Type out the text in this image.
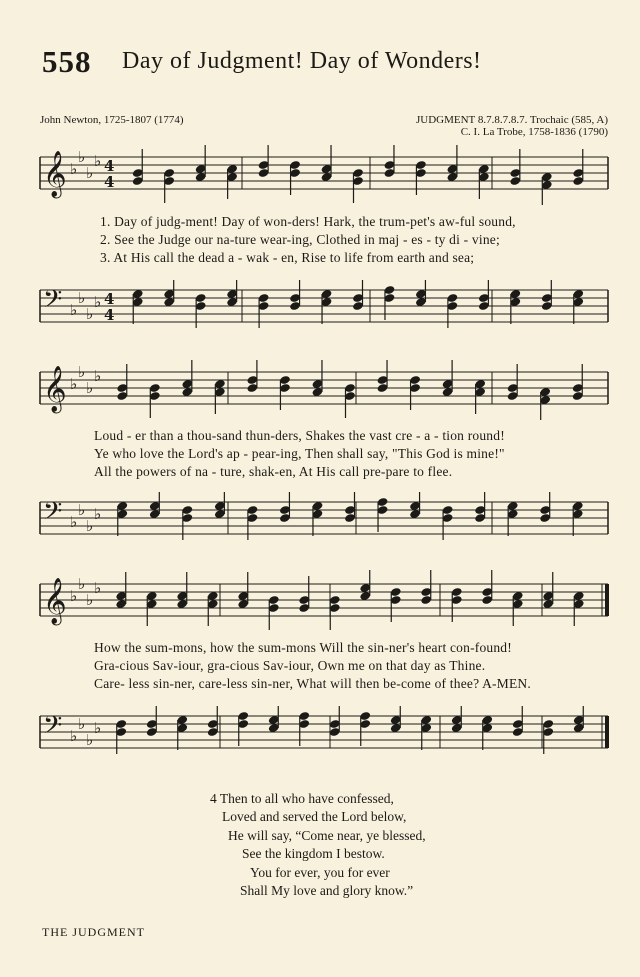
558 Day of Judgment! Day of Wonders!
John Newton, 1725-1807 (1774)	JUDGMENT 8.7.8.7.8.7. Trochaic (585, A)
C. I. La Trobe, 1758-1836 (1790)
𝄞 ♭
♭
♭
♭ 4
4
1. Day of judg-ment! Day of won-ders! Hark, the trum-pet's aw-ful sound,
2. See the Judge our na-ture wear-ing, Clothed in maj - es - ty di - vine;
3. At His call the dead a - wak - en, Rise to life from earth and sea;
𝄢 ♭
♭
♭
♭ 4
4
𝄞 ♭
♭
♭
♭
Loud - er than a thou-sand thun-ders, Shakes the vast cre - a - tion round!
Ye who love the Lord's ap - pear-ing, Then shall say, "This God is mine!"
All the powers of na - ture, shak-en, At His call pre-pare to flee.
𝄢 ♭
♭
♭
♭
𝄞 ♭
♭
♭
♭
How the sum-mons, how the sum-mons Will the sin-ner's heart con-found!
Gra-cious Sav-iour, gra-cious Sav-iour, Own me on that day as Thine.
Care- less sin-ner, care-less sin-ner, What will then be-come of thee? A-MEN.
𝄢 ♭
♭
♭
♭
4 Then to all who have confessed,
Loved and served the Lord below,
He will say, “Come near, ye blessed,
See the kingdom I bestow.
You for ever, you for ever
Shall My love and glory know.”
THE JUDGMENT
